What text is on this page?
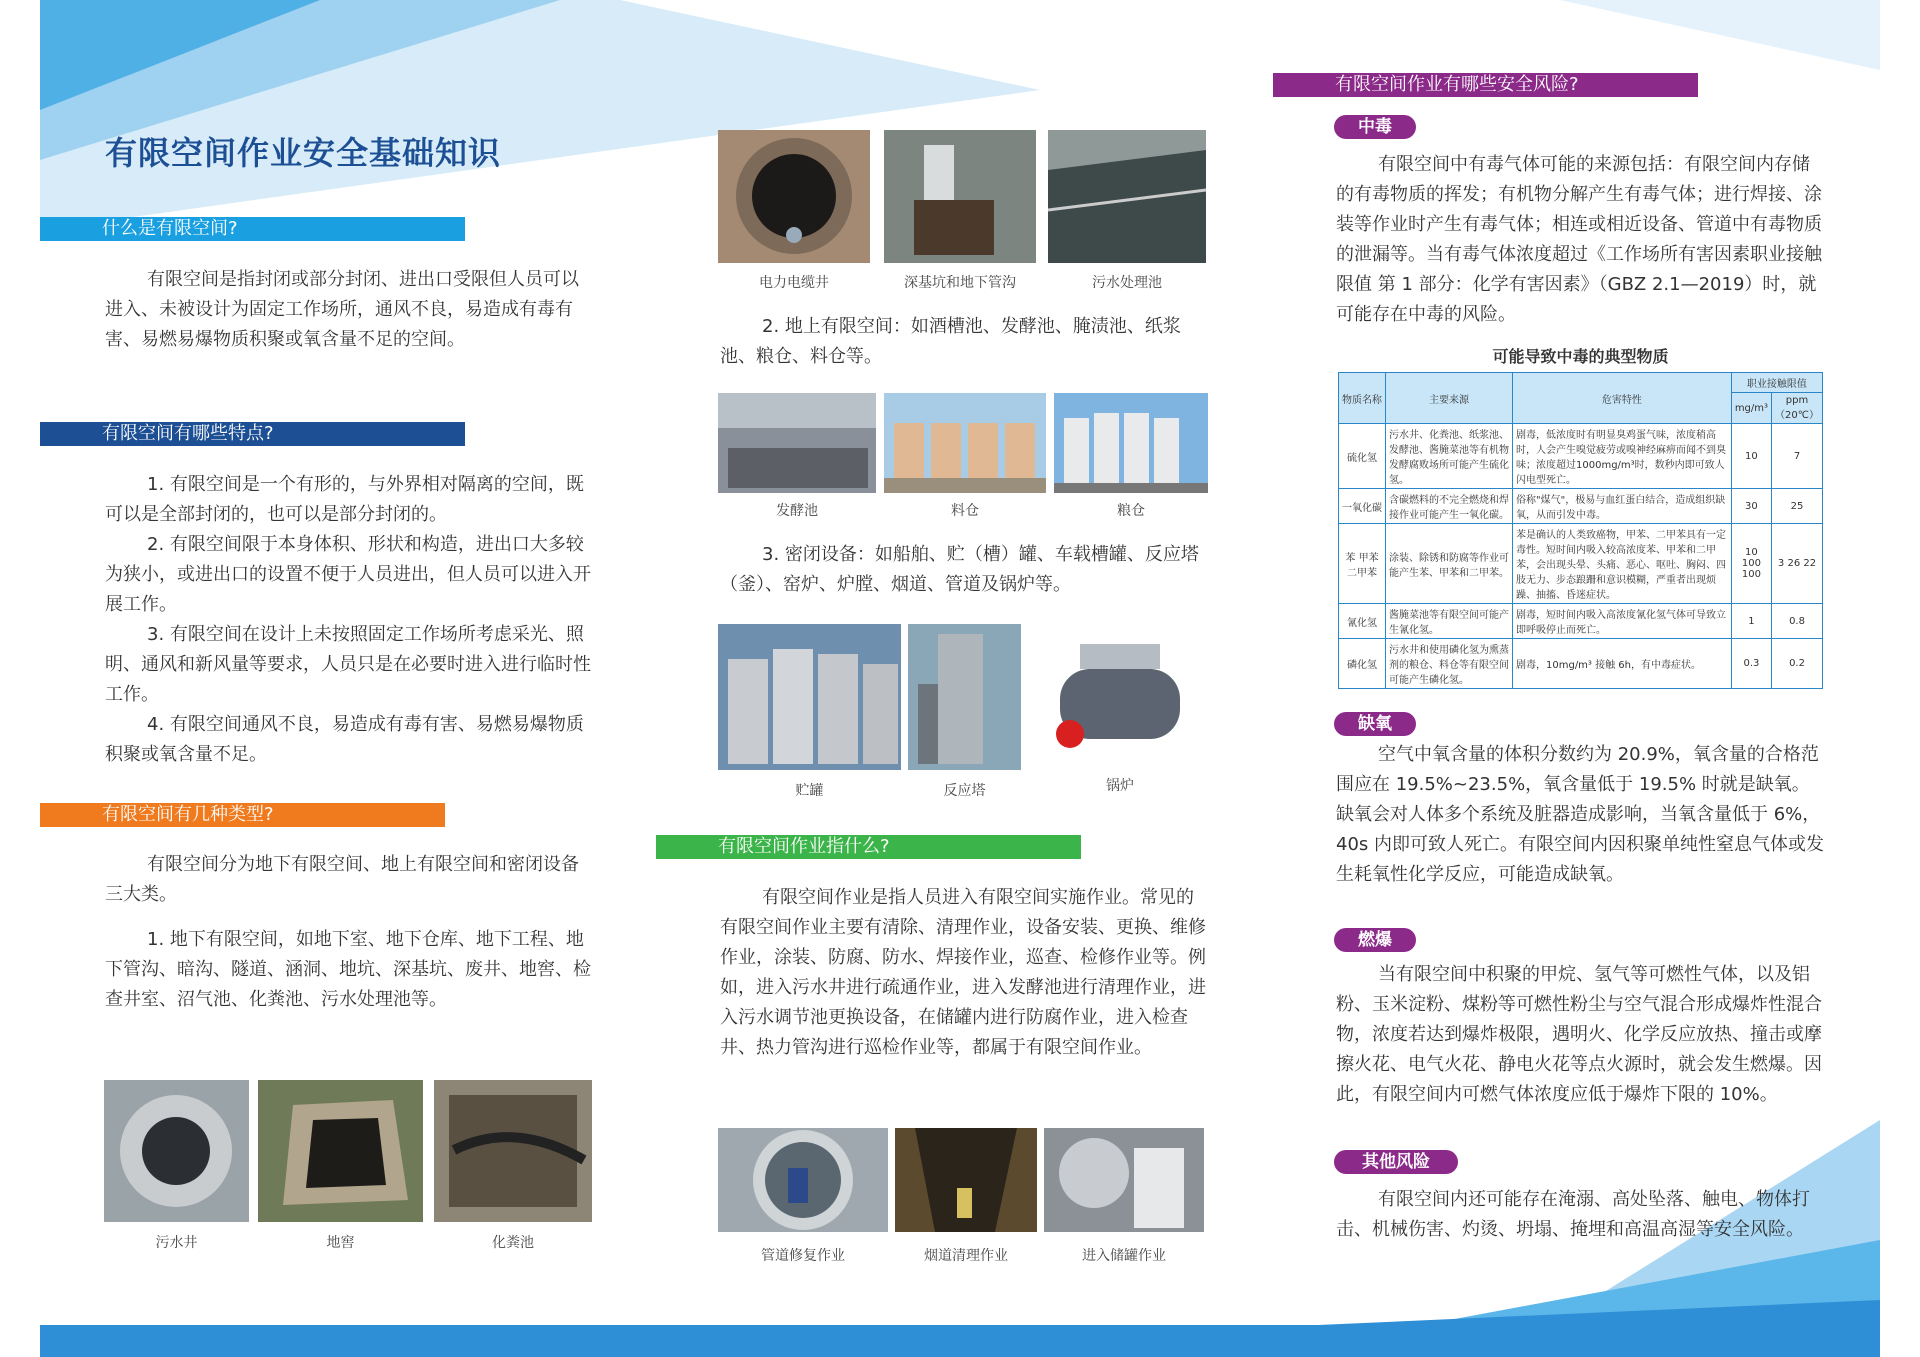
有限空间作业安全基础知识
什么是有限空间?

有限空间是指封闭或部分封闭、进出口受限但人员可以进入、未被设计为固定工作场所，通风不良，易造成有毒有害、易燃易爆物质积聚或氧含量不足的空间。

有限空间有哪些特点?
1. 有限空间是一个有形的，与外界相对隔离的空间，既可以是全部封闭的，也可以是部分封闭的。
2. 有限空间限于本身体积、形状和构造，进出口大多较为狭小，或进出口的设置不便于人员进出，但人员可以进入开展工作。
3. 有限空间在设计上未按照固定工作场所考虑采光、照明、通风和新风量等要求，人员只是在必要时进入进行临时性工作。
4. 有限空间通风不良，易造成有毒有害、易燃易爆物质积聚或氧含量不足。
有限空间有几种类型?

有限空间分为地下有限空间、地上有限空间和密闭设备三大类。

1. 地下有限空间，如地下室、地下仓库、地下工程、地下管沟、暗沟、隧道、涵洞、地坑、深基坑、废井、地窖、检查井室、沼气池、化粪池、污水处理池等。

污水井	地窖	化粪池
电力电缆井	深基坑和地下管沟	污水处理池

2. 地上有限空间：如酒槽池、发酵池、腌渍池、纸浆池、粮仓、料仓等。

发酵池	料仓	粮仓

3. 密闭设备：如船舶、贮（槽）罐、车载槽罐、反应塔（釜）、窑炉、炉膛、烟道、管道及锅炉等。

贮罐	反应塔	锅炉
有限空间作业指什么?

有限空间作业是指人员进入有限空间实施作业。常见的有限空间作业主要有清除、清理作业，设备安装、更换、维修作业，涂装、防腐、防水、焊接作业，巡查、检修作业等。例如，进入污水井进行疏通作业，进入发酵池进行清理作业，进入污水调节池更换设备，在储罐内进行防腐作业，进入检查井、热力管沟进行巡检作业等，都属于有限空间作业。

管道修复作业	烟道清理作业	进入储罐作业
有限空间作业有哪些安全风险?
中毒

有限空间中有毒气体可能的来源包括：有限空间内存储的有毒物质的挥发；有机物分解产生有毒气体；进行焊接、涂装等作业时产生有毒气体；相连或相近设备、管道中有毒物质的泄漏等。当有毒气体浓度超过《工作场所有害因素职业接触限值 第 1 部分：化学有害因素》（GBZ 2.1—2019）时，就可能存在中毒的风险。

可能导致中毒的典型物质
物质名称	主要来源	危害特性	职业接触限值	
			mg/m³	ppm（20℃）
硫化氢	污水井、化粪池、纸浆池、发酵池、酱腌菜池等有机物发酵腐败场所可能产生硫化氢。	剧毒，低浓度时有明显臭鸡蛋气味，浓度稍高时，人会产生嗅觉疲劳或嗅神经麻痹而闻不到臭味；浓度超过1000mg/m³时，数秒内即可致人闪电型死亡。	10	7
一氧化碳	含碳燃料的不完全燃烧和焊接作业可能产生一氧化碳。	俗称"煤气"，极易与血红蛋白结合，造成组织缺氧，从而引发中毒。	30	25
苯 甲苯 二甲苯	涂装、除锈和防腐等作业可能产生苯、甲苯和二甲苯。	苯是确认的人类致癌物，甲苯、二甲苯具有一定毒性。短时间内吸入较高浓度苯、甲苯和二甲苯，会出现头晕、头痛、恶心、呕吐、胸闷、四肢无力、步态踉跚和意识模糊，严重者出现烦躁、抽搐、昏迷症状。	10 100 100	3 26 22
氰化氢	酱腌菜池等有限空间可能产生氰化氢。	剧毒，短时间内吸入高浓度氰化氢气体可导致立即呼吸停止而死亡。	1	0.8
磷化氢	污水井和使用磷化氢为熏蒸剂的粮仓、料仓等有限空间可能产生磷化氢。	剧毒，10mg/m³ 接触 6h，有中毒症状。	0.3	0.2
缺氧

空气中氧含量的体积分数约为 20.9%，氧含量的合格范围应在 19.5%~23.5%，氧含量低于 19.5% 时就是缺氧。缺氧会对人体多个系统及脏器造成影响，当氧含量低于 6%，40s 内即可致人死亡。有限空间内因积聚单纯性窒息气体或发生耗氧性化学反应，可能造成缺氧。

燃爆

当有限空间中积聚的甲烷、氢气等可燃性气体，以及铝粉、玉米淀粉、煤粉等可燃性粉尘与空气混合形成爆炸性混合物，浓度若达到爆炸极限，遇明火、化学反应放热、撞击或摩擦火花、电气火花、静电火花等点火源时，就会发生燃爆。因此，有限空间内可燃气体浓度应低于爆炸下限的 10%。

其他风险

有限空间内还可能存在淹溺、高处坠落、触电、物体打击、机械伤害、灼烫、坍塌、掩埋和高温高湿等安全风险。
